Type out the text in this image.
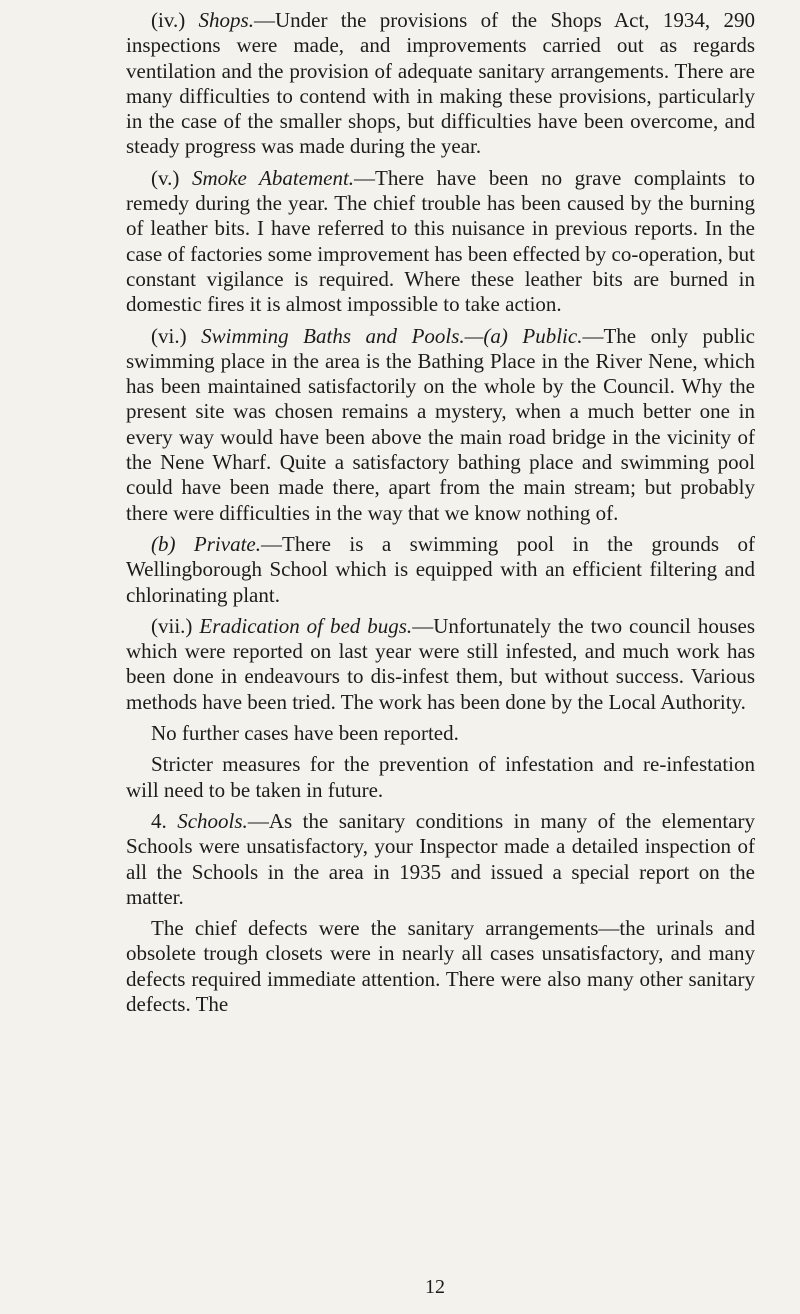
(iv.) Shops.—Under the provisions of the Shops Act, 1934, 290 inspections were made, and improvements carried out as regards ventilation and the provision of adequate sanitary arrangements. There are many difficulties to contend with in making these provisions, particularly in the case of the smaller shops, but difficulties have been overcome, and steady progress was made during the year.

(v.) Smoke Abatement.—There have been no grave complaints to remedy during the year. The chief trouble has been caused by the burning of leather bits. I have referred to this nuisance in previous reports. In the case of factories some improvement has been effected by co-operation, but constant vigilance is required. Where these leather bits are burned in domestic fires it is almost impossible to take action.

(vi.) Swimming Baths and Pools.—(a) Public.—The only public swimming place in the area is the Bathing Place in the River Nene, which has been maintained satisfactorily on the whole by the Council. Why the present site was chosen remains a mystery, when a much better one in every way would have been above the main road bridge in the vicinity of the Nene Wharf. Quite a satisfactory bathing place and swimming pool could have been made there, apart from the main stream; but probably there were difficulties in the way that we know nothing of.

(b) Private.—There is a swimming pool in the grounds of Wellingborough School which is equipped with an efficient filtering and chlorinating plant.

(vii.) Eradication of bed bugs.—Unfortunately the two council houses which were reported on last year were still infested, and much work has been done in endeavours to dis-infest them, but without success. Various methods have been tried. The work has been done by the Local Authority.

No further cases have been reported.

Stricter measures for the prevention of infestation and re-infestation will need to be taken in future.

4. Schools.—As the sanitary conditions in many of the elementary Schools were unsatisfactory, your Inspector made a detailed inspection of all the Schools in the area in 1935 and issued a special report on the matter.

The chief defects were the sanitary arrangements—the urinals and obsolete trough closets were in nearly all cases unsatisfactory, and many defects required immediate attention. There were also many other sanitary defects. The

12
